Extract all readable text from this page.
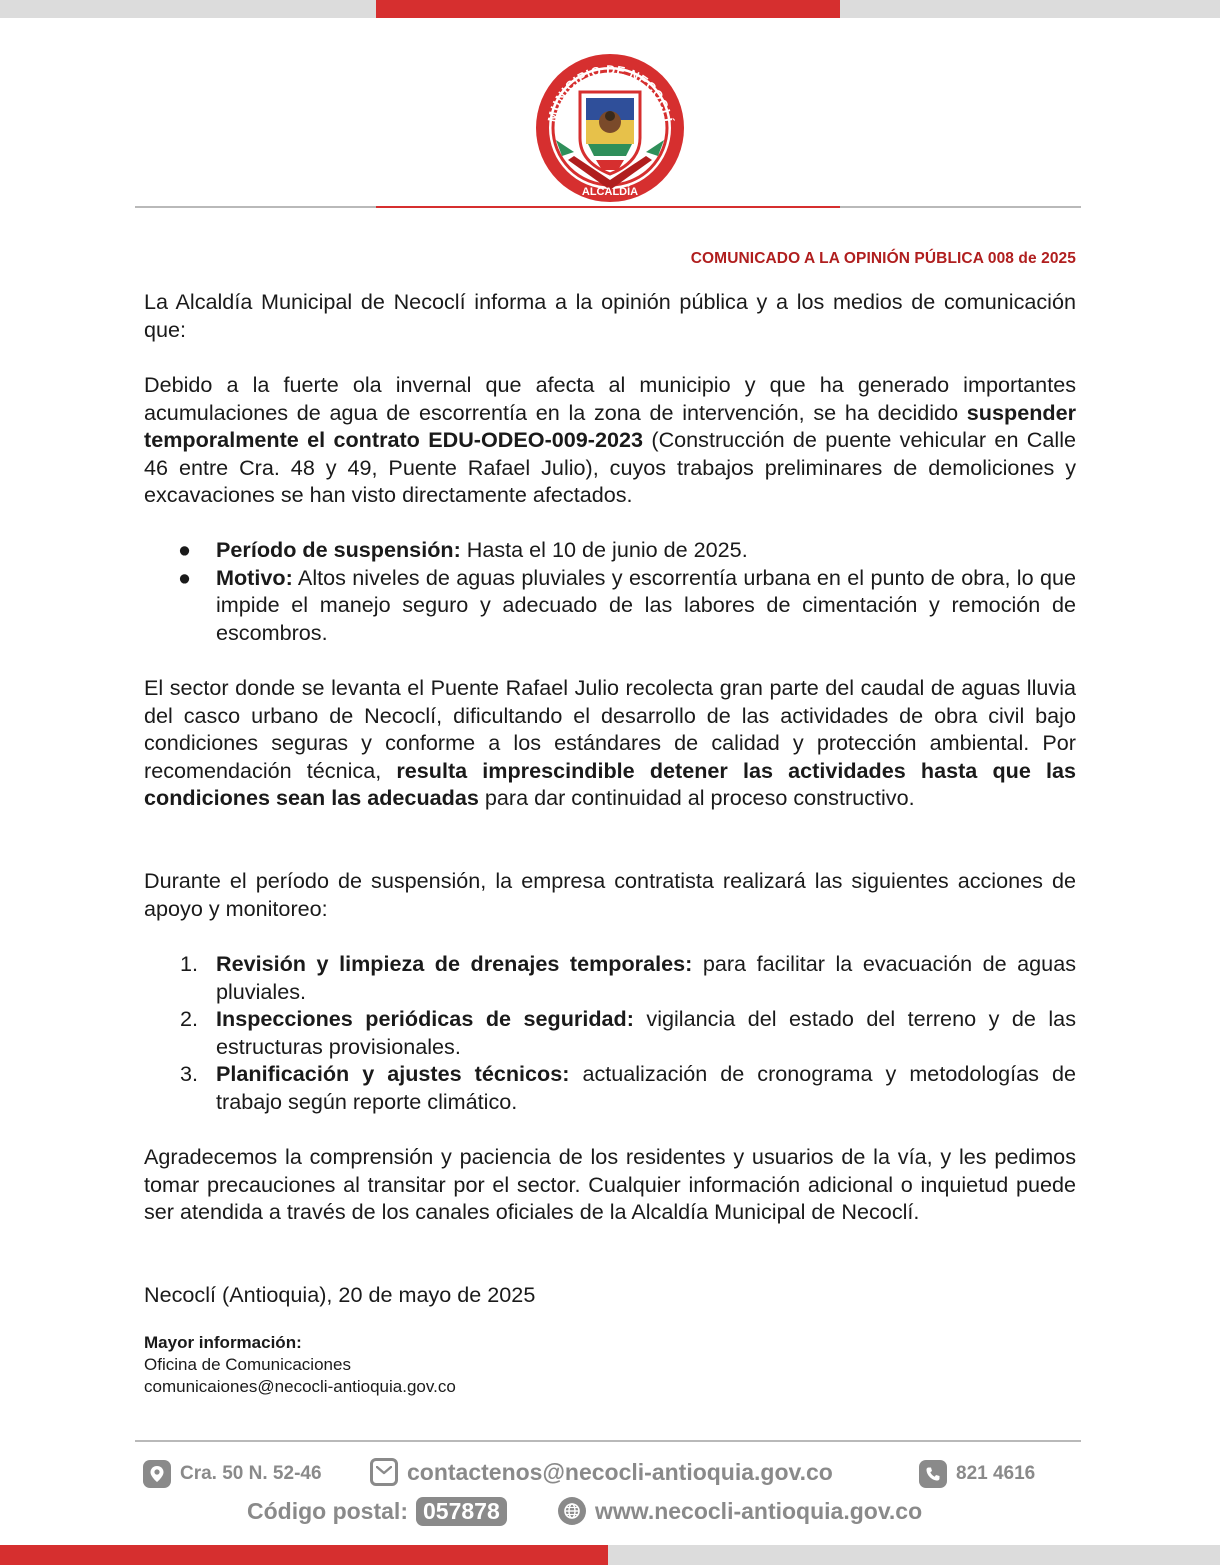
MUNICIPIO DE NECOCLÍ
ALCALDÍA
COMUNICADO A LA OPINIÓN PÚBLICA 008 de 2025

La Alcaldía Municipal de Necoclí informa a la opinión pública y a los medios de comunicación que:

Debido a la fuerte ola invernal que afecta al municipio y que ha generado importantes acumulaciones de agua de escorrentía en la zona de intervención, se ha decidido suspender temporalmente el contrato EDU-ODEO-009-2023 (Construcción de puente vehicular en Calle 46 entre Cra. 48 y 49, Puente Rafael Julio), cuyos trabajos preliminares de demoliciones y excavaciones se han visto directamente afectados.

● Período de suspensión: Hasta el 10 de junio de 2025.
● Motivo: Altos niveles de aguas pluviales y escorrentía urbana en el punto de obra, lo que impide el manejo seguro y adecuado de las labores de cimentación y remoción de escombros.

El sector donde se levanta el Puente Rafael Julio recolecta gran parte del caudal de aguas lluvia del casco urbano de Necoclí, dificultando el desarrollo de las actividades de obra civil bajo condiciones seguras y conforme a los estándares de calidad y protección ambiental. Por recomendación técnica, resulta imprescindible detener las actividades hasta que las condiciones sean las adecuadas para dar continuidad al proceso constructivo.

Durante el período de suspensión, la empresa contratista realizará las siguientes acciones de apoyo y monitoreo:

1. Revisión y limpieza de drenajes temporales: para facilitar la evacuación de aguas pluviales.
2. Inspecciones periódicas de seguridad: vigilancia del estado del terreno y de las estructuras provisionales.
3. Planificación y ajustes técnicos: actualización de cronograma y metodologías de trabajo según reporte climático.

Agradecemos la comprensión y paciencia de los residentes y usuarios de la vía, y les pedimos tomar precauciones al transitar por el sector. Cualquier información adicional o inquietud puede ser atendida a través de los canales oficiales de la Alcaldía Municipal de Necoclí.

Necoclí (Antioquia), 20 de mayo de 2025

Mayor información:
Oficina de Comunicaciones
comunicaiones@necocli-antioquia.gov.co
Cra. 50 N. 52-46	contactenos@necocli-antioquia.gov.co	821 4616
Código postal: 057878	www.necocli-antioquia.gov.co
